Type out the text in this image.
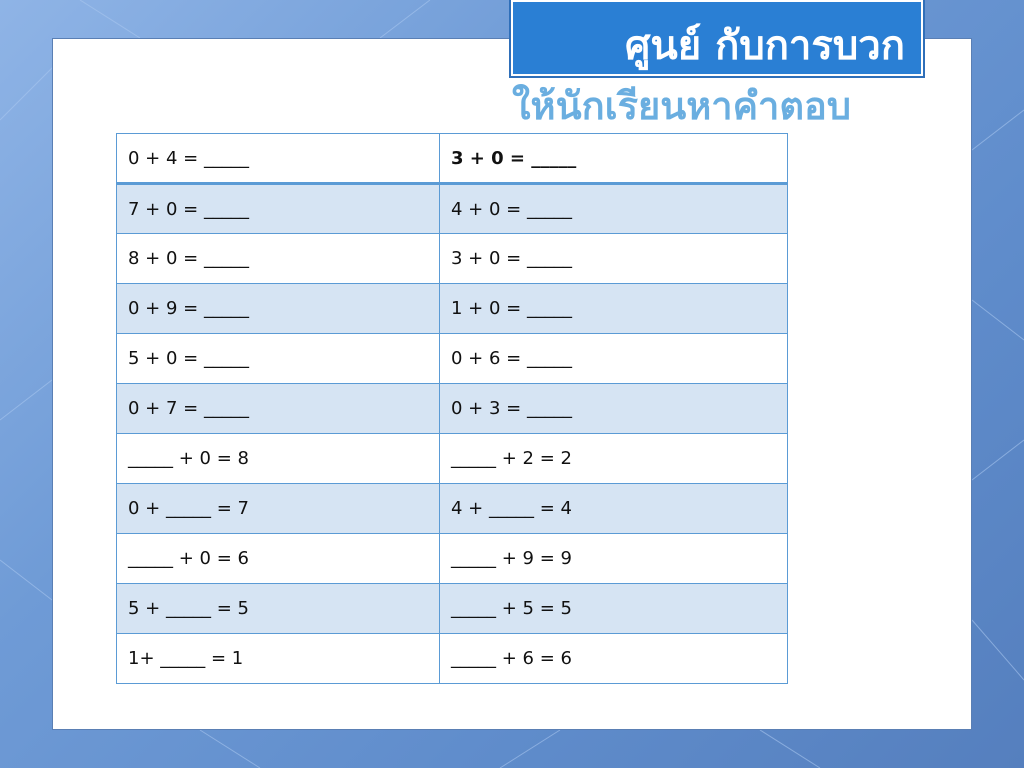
ศูนย์ กับการบวก
ให้นักเรียนหาคำตอบ
0 + 4 = _____	3 + 0 = _____
7 + 0 = _____	4 + 0 = _____
8 + 0 = _____	3 + 0 = _____
0 + 9 = _____	1 + 0 = _____
5 + 0 = _____	0 + 6 = _____
0 + 7 = _____	0 + 3 = _____
_____ + 0 = 8	_____ + 2 = 2
0 + _____ = 7	4 + _____ = 4
_____ + 0 = 6	_____ + 9 = 9
5 + _____ = 5	_____ + 5 = 5
1+ _____ = 1	_____ + 6 = 6
